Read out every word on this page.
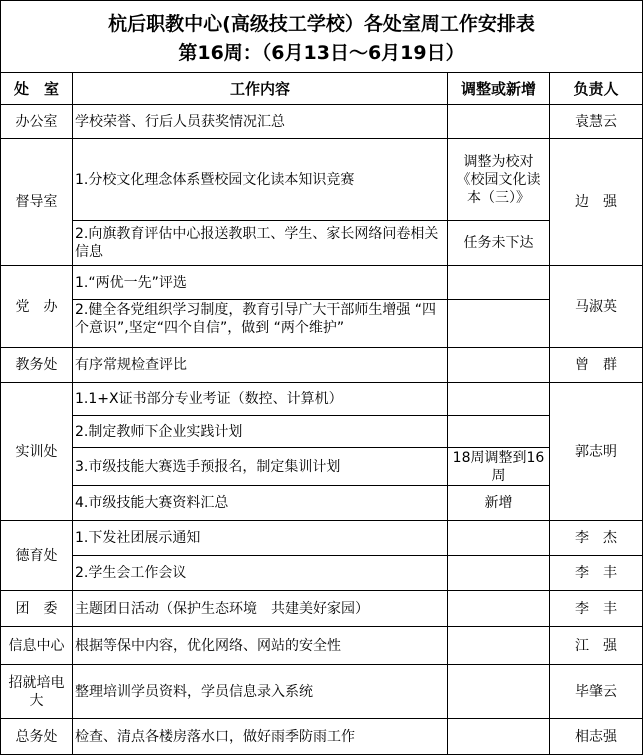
杭后职教中心(高级技工学校）各处室周工作安排表
第16周：（6月13日～6月19日）
处　室	工作内容	调整或新增	负责人
办公室	学校荣誉、行后人员获奖情况汇总		袁慧云
督导室	1.分校文化理念体系暨校园文化读本知识竞赛	调整为校对《校园文化读本（三）》	边　强
	2.向旗教育评估中心报送教职工、学生、家长网络问卷相关信息	任务未下达	
党　办	1.“两优一先”评选		马淑英

	2.健全各党组织学习制度，教育引导广大干部师生增强 “四个意识”,坚定“四个自信”，做到 “两个维护”		

教务处	有序常规检查评比		曾　群
实训处	1.1+X证书部分专业考证（数控、计算机）		郭志明
	2.制定教师下企业实践计划		
	3.市级技能大赛选手预报名，制定集训计划	18周调整到16周	
	4.市级技能大赛资料汇总	新增	
德育处	1.下发社团展示通知		李　杰
	2.学生会工作会议		李　丰
团　委	主题团日活动（保护生态环境　共建美好家园）		李　丰
信息中心	根据等保中内容，优化网络、网站的安全性		江　强
招就培电　大	整理培训学员资料，学员信息录入系统		毕肇云
总务处	检查、清点各楼房落水口，做好雨季防雨工作		相志强
